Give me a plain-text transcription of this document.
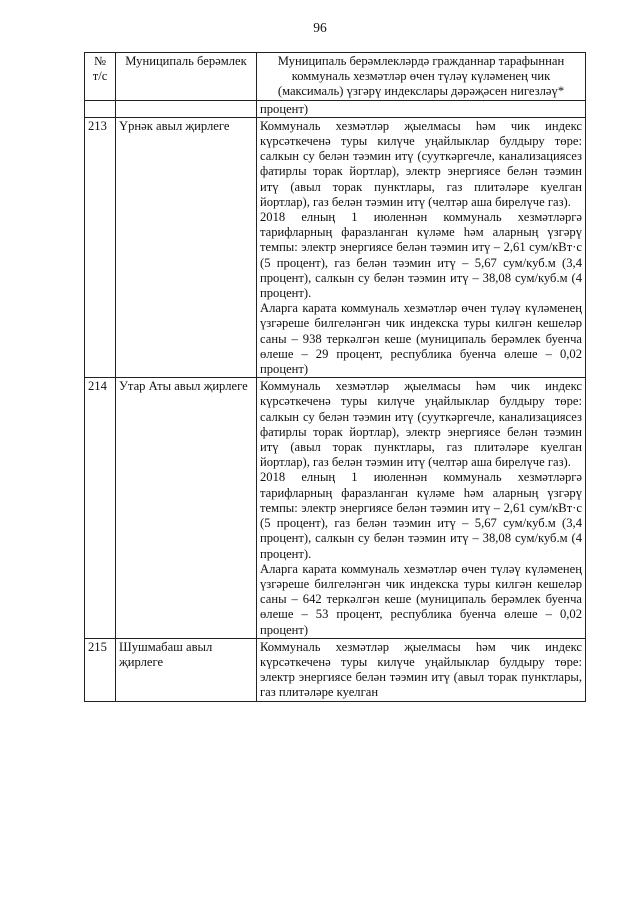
96
№ т/с	Муниципаль берәмлек	Муниципаль берәмлекләрдә гражданнар тарафыннан коммуналь хезмәтләр өчен түләү күләменең чик (максималь) үзгәрү индекслары дәрәҗәсен нигезләү*
		процент)
213	Үрнәк авыл җирлеге	Коммуналь хезмәтләр җыелмасы һәм чик индекс күрсәткеченә туры килүче уңайлыклар булдыру төре: салкын су белән тәэмин итү (сууткәргечле, канализациясез фатирлы торак йортлар), электр энергиясе белән тәэмин итү (авыл торак пунктлары, газ плитәләре куелган йортлар), газ белән тәэмин итү (челтәр аша бирелүче газ).

2018 елның 1 июленнән коммуналь хезмәтләргә тарифларның фаразланган күләме һәм аларның үзгәрү темпы: электр энергиясе белән тәэмин итү – 2,61 сум/кВт·с (5 процент), газ белән тәэмин итү – 5,67 сум/куб.м (3,4 процент), салкын су белән тәэмин итү – 38,08 сум/куб.м (4 процент).

Аларга карата коммуналь хезмәтләр өчен түләү күләменең үзгәреше билгеләнгән чик индекска туры килгән кешеләр саны – 938 теркәлгән кеше (муниципаль берәмлек буенча өлеше – 29 процент, республика буенча өлеше – 0,02 процент)

214	Утар Аты авыл җирлеге	Коммуналь хезмәтләр җыелмасы һәм чик индекс күрсәткеченә туры килүче уңайлыклар булдыру төре: салкын су белән тәэмин итү (сууткәргечле, канализациясез фатирлы торак йортлар), электр энергиясе белән тәэмин итү (авыл торак пунктлары, газ плитәләре куелган йортлар), газ белән тәэмин итү (челтәр аша бирелүче газ).

2018 елның 1 июленнән коммуналь хезмәтләргә тарифларның фаразланган күләме һәм аларның үзгәрү темпы: электр энергиясе белән тәэмин итү – 2,61 сум/кВт·с (5 процент), газ белән тәэмин итү – 5,67 сум/куб.м (3,4 процент), салкын су белән тәэмин итү – 38,08 сум/куб.м (4 процент).

Аларга карата коммуналь хезмәтләр өчен түләү күләменең үзгәреше билгеләнгән чик индекска туры килгән кешеләр саны – 642 теркәлгән кеше (муниципаль берәмлек буенча өлеше – 53 процент, республика буенча өлеше – 0,02 процент)

215	Шушмабаш авыл җирлеге	Коммуналь хезмәтләр җыелмасы һәм чик индекс күрсәткеченә туры килүче уңайлыклар булдыру төре: электр энергиясе белән тәэмин итү (авыл торак пунктлары, газ плитәләре куелган
